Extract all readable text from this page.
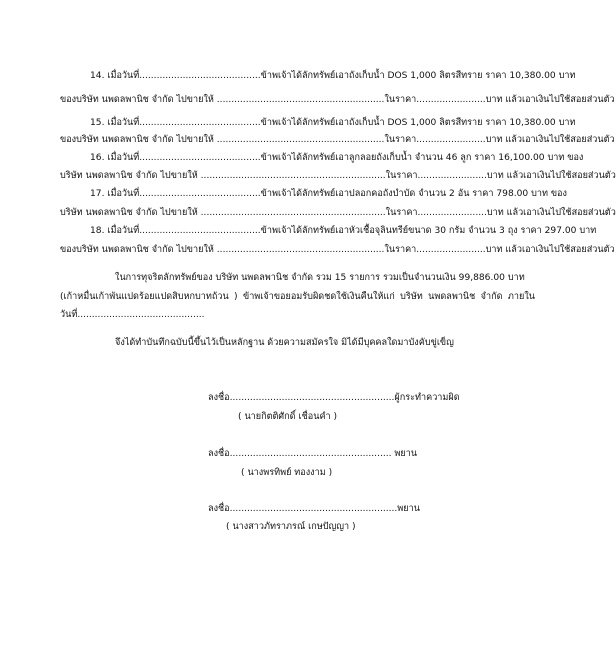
14. เมื่อวันที่..........................................ข้าพเจ้าได้ลักทรัพย์เอาถังเก็บน้ำ DOS 1,000 ลิตรสีทราย ราคา 10,380.00 บาท
ของบริษัท นพดลพานิช จำกัด ไปขายให้ ..........................................................ในราคา........................บาท แล้วเอาเงินไปใช้สอยส่วนตัว
15. เมื่อวันที่..........................................ข้าพเจ้าได้ลักทรัพย์เอาถังเก็บน้ำ DOS 1,000 ลิตรสีทราย ราคา 10,380.00 บาท
ของบริษัท นพดลพานิช จำกัด ไปขายให้ ..........................................................ในราคา........................บาท แล้วเอาเงินไปใช้สอยส่วนตัว
16. เมื่อวันที่..........................................ข้าพเจ้าได้ลักทรัพย์เอาลูกลอยถังเก็บน้ำ จำนวน 46 ลูก ราคา 16,100.00 บาท ของ
บริษัท นพดลพานิช จำกัด ไปขายให้ ................................................................ในราคา........................บาท แล้วเอาเงินไปใช้สอยส่วนตัว
17. เมื่อวันที่..........................................ข้าพเจ้าได้ลักทรัพย์เอาปลอกคอถังบำบัด จำนวน 2 อัน ราคา 798.00 บาท ของ
บริษัท นพดลพานิช จำกัด ไปขายให้ ................................................................ในราคา........................บาท แล้วเอาเงินไปใช้สอยส่วนตัว
18. เมื่อวันที่..........................................ข้าพเจ้าได้ลักทรัพย์เอาหัวเชื้อจุลินทรีย์ขนาด 30 กรัม จำนวน 3 ถุง ราคา 297.00 บาท
ของบริษัท นพดลพานิช จำกัด ไปขายให้ ..........................................................ในราคา........................บาท แล้วเอาเงินไปใช้สอยส่วนตัว
ในการทุจริตลักทรัพย์ของ บริษัท นพดลพานิช จำกัด รวม 15 รายการ รวมเป็นจำนวนเงิน 99,886.00 บาท
(เก้าหมื่นเก้าพันแปดร้อยแปดสิบหกบาทถ้วน ) ข้าพเจ้าขอยอมรับผิดชดใช้เงินคืนให้แก่ บริษัท นพดลพานิช จำกัด ภายใน
วันที่............................................
จึงได้ทำบันทึกฉบับนี้ขึ้นไว้เป็นหลักฐาน ด้วยความสมัครใจ มิได้มีบุคคลใดมาบังคับขู่เข็ญ
ลงชื่อ.........................................................ผู้กระทำความผิด
( นายกิตติศักดิ์ เชื่อนคำ )
ลงชื่อ........................................................ พยาน
( นางพรทิพย์ ทองงาม )
ลงชื่อ..........................................................พยาน
( นางสาวภัทราภรณ์ เกษปัญญา )
